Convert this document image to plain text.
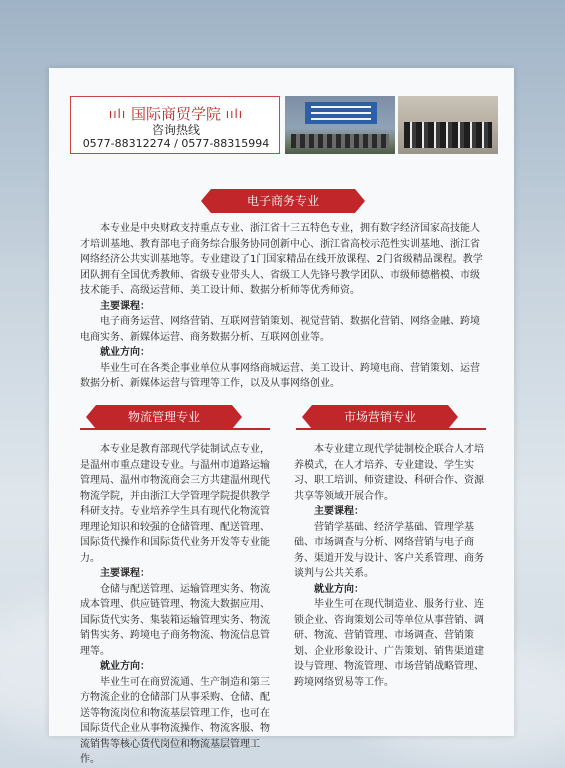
ıılı 国际商贸学院 ıılı
咨询热线
0577-88312274 / 0577-88315994
电子商务专业

本专业是中央财政支持重点专业、浙江省十三五特色专业，拥有数字经济国家高技能人才培训基地、教育部电子商务综合服务协同创新中心、浙江省高校示范性实训基地、浙江省网络经济公共实训基地等。专业建设了1门国家精品在线开放课程、2门省级精品课程。教学团队拥有全国优秀教师、省级专业带头人、省级工人先锋号教学团队、市级师德楷模、市级技术能手、高级运营师、美工设计师、数据分析师等优秀师资。

主要课程：

电子商务运营、网络营销、互联网营销策划、视觉营销、数据化营销、网络金融、跨境电商实务、新媒体运营、商务数据分析、互联网创业等。

就业方向：

毕业生可在各类企事业单位从事网络商城运营、美工设计、跨境电商、营销策划、运营数据分析、新媒体运营与管理等工作，以及从事网络创业。

物流管理专业

本专业是教育部现代学徒制试点专业，是温州市重点建设专业。与温州市道路运输管理局、温州市物流商会三方共建温州现代物流学院，并由浙江大学管理学院提供教学科研支持。专业培养学生具有现代化物流管理理论知识和较强的仓储管理、配送管理、国际货代操作和国际货代业务开发等专业能力。

主要课程：

仓储与配送管理、运输管理实务、物流成本管理、供应链管理、物流大数据应用、国际货代实务、集装箱运输管理实务、物流销售实务、跨境电子商务物流、物流信息管理等。

就业方向：

毕业生可在商贸流通、生产制造和第三方物流企业的仓储部门从事采购、仓储、配送等物流岗位和物流基层管理工作，也可在国际货代企业从事物流操作、物流客服、物流销售等核心货代岗位和物流基层管理工作。

市场营销专业

本专业建立现代学徒制校企联合人才培养模式，在人才培养、专业建设、学生实习、职工培训、师资建设、科研合作、资源共享等领域开展合作。

主要课程：

营销学基础、经济学基础、管理学基础、市场调查与分析、网络营销与电子商务、渠道开发与设计、客户关系管理、商务谈判与公共关系。

就业方向：

毕业生可在现代制造业、服务行业、连锁企业、咨询策划公司等单位从事营销、调研、物流、营销管理、市场调查、营销策划、企业形象设计、广告策划、销售渠道建设与管理、物流管理、市场营销战略管理、跨境网络贸易等工作。
